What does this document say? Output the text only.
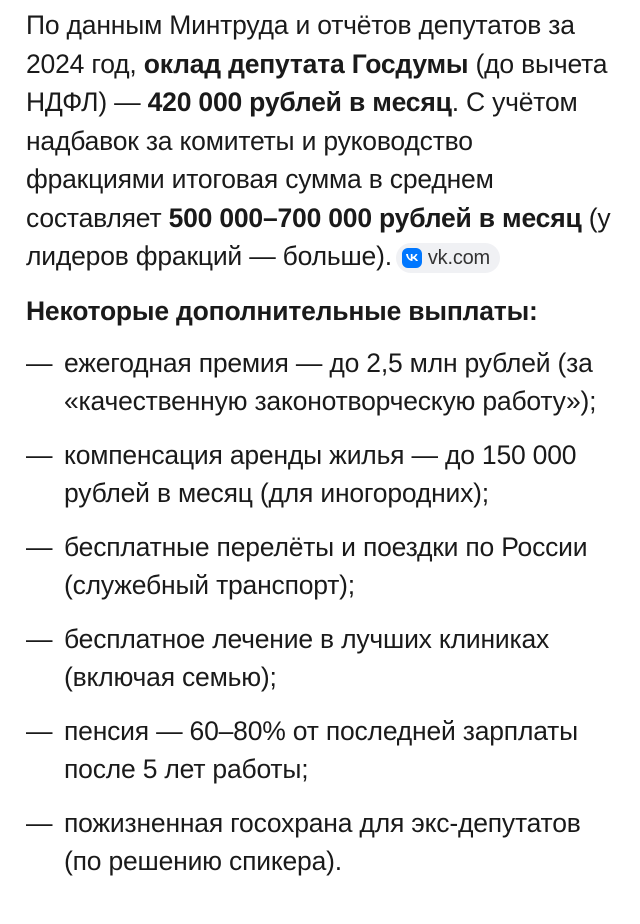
По данным Минтруда и отчётов депутатов за 2024 год, оклад депутата Госдумы (до вычета НДФЛ) — 420 000 рублей в месяц. С учётом надбавок за комитеты и руководство фракциями итоговая сумма в среднем составляет 500 000–700 000 рублей в месяц (у лидеров фракций — больше). vk.com

Некоторые дополнительные выплаты:
— ежегодная премия — до 2,5 млн рублей (за «качественную законотворческую работу»);
— компенсация аренды жилья — до 150 000 рублей в месяц (для иногородних);
— бесплатные перелёты и поездки по России (служебный транспорт);
— бесплатное лечение в лучших клиниках (включая семью);
— пенсия — 60–80% от последней зарплаты после 5 лет работы;
— пожизненная госохрана для экс-депутатов (по решению спикера).
